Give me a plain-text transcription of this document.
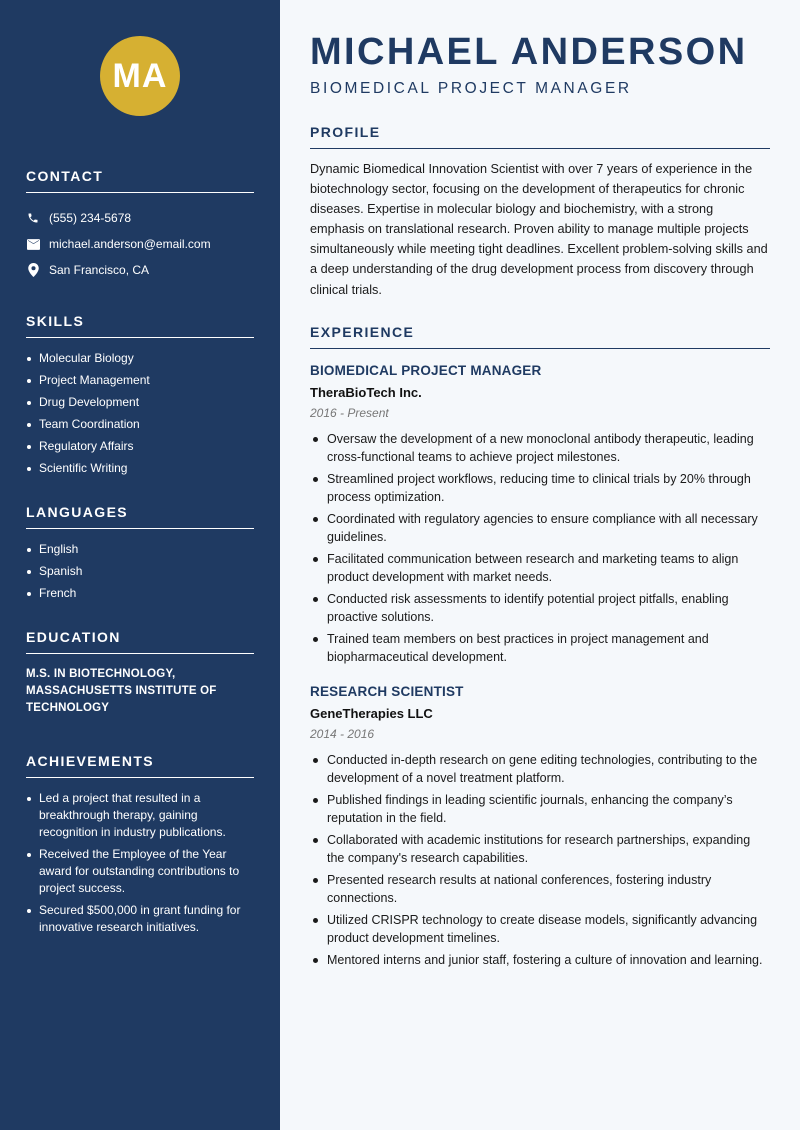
MA
CONTACT
(555) 234-5678
michael.anderson@email.com
San Francisco, CA
SKILLS
Molecular Biology
Project Management
Drug Development
Team Coordination
Regulatory Affairs
Scientific Writing
LANGUAGES
English
Spanish
French
EDUCATION
M.S. IN BIOTECHNOLOGY, MASSACHUSETTS INSTITUTE OF TECHNOLOGY
ACHIEVEMENTS
Led a project that resulted in a breakthrough therapy, gaining recognition in industry publications.
Received the Employee of the Year award for outstanding contributions to project success.
Secured $500,000 in grant funding for innovative research initiatives.
MICHAEL ANDERSON
BIOMEDICAL PROJECT MANAGER
PROFILE

Dynamic Biomedical Innovation Scientist with over 7 years of experience in the biotechnology sector, focusing on the development of therapeutics for chronic diseases. Expertise in molecular biology and biochemistry, with a strong emphasis on translational research. Proven ability to manage multiple projects simultaneously while meeting tight deadlines. Excellent problem-solving skills and a deep understanding of the drug development process from discovery through clinical trials.

EXPERIENCE
BIOMEDICAL PROJECT MANAGER
TheraBioTech Inc.
2016 - Present
Oversaw the development of a new monoclonal antibody therapeutic, leading cross-functional teams to achieve project milestones.
Streamlined project workflows, reducing time to clinical trials by 20% through process optimization.
Coordinated with regulatory agencies to ensure compliance with all necessary guidelines.
Facilitated communication between research and marketing teams to align product development with market needs.
Conducted risk assessments to identify potential project pitfalls, enabling proactive solutions.
Trained team members on best practices in project management and biopharmaceutical development.
RESEARCH SCIENTIST
GeneTherapies LLC
2014 - 2016
Conducted in-depth research on gene editing technologies, contributing to the development of a novel treatment platform.
Published findings in leading scientific journals, enhancing the company’s reputation in the field.
Collaborated with academic institutions for research partnerships, expanding the company's research capabilities.
Presented research results at national conferences, fostering industry connections.
Utilized CRISPR technology to create disease models, significantly advancing product development timelines.
Mentored interns and junior staff, fostering a culture of innovation and learning.
